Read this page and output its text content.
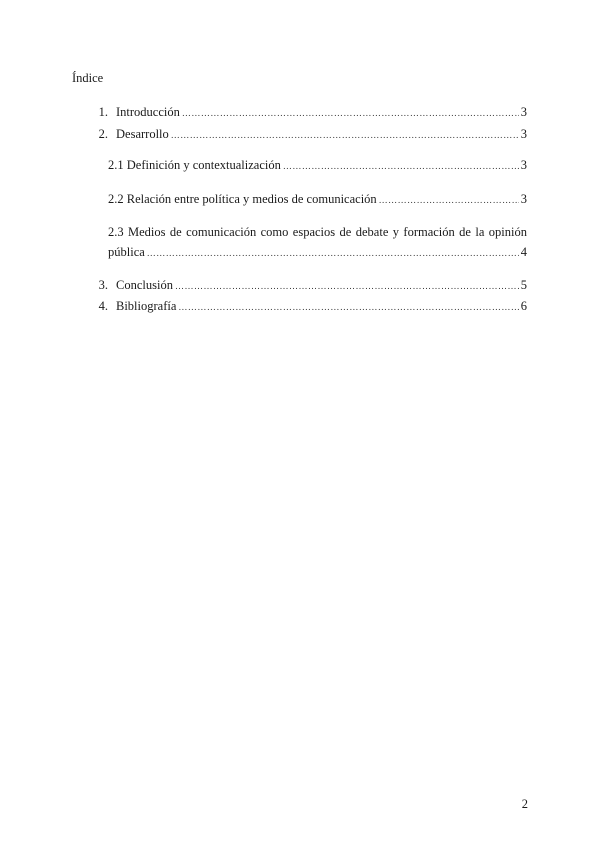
Índice
1. Introducción ………………………………………………………………………………………………………………………………………………………………………………………	3
2. Desarrollo ………………………………………………………………………………………………………………………………………………………………………………………	3
2.1 Definición y contextualización ………………………………………………………………………………………………………………………………………………………………………………………	3
2.2 Relación entre política y medios de comunicación ………………………………………………………………………………………………………………………………………………………………………………………	3
2.3 Medios de comunicación como espacios de debate y formación de la opinión
pública ………………………………………………………………………………………………………………………………………………………………………………………	4
3. Conclusión ………………………………………………………………………………………………………………………………………………………………………………………	5
4. Bibliografía ………………………………………………………………………………………………………………………………………………………………………………………	6
2
